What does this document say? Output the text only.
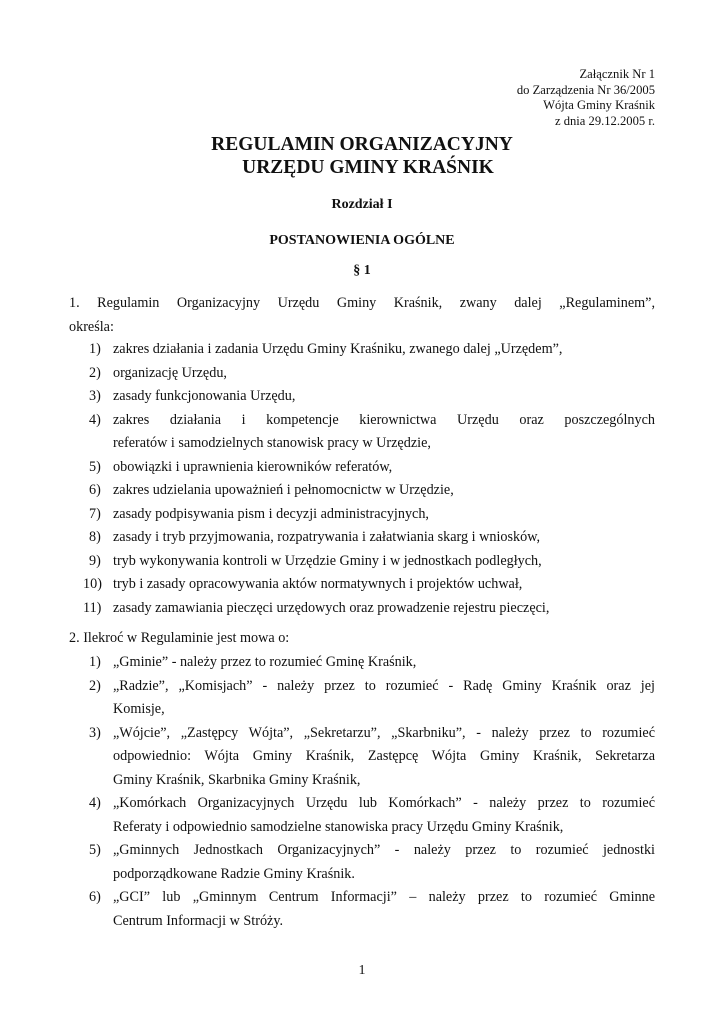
Załącznik Nr 1
do Zarządzenia Nr 36/2005
Wójta Gminy Kraśnik
z dnia 29.12.2005 r.
REGULAMIN ORGANIZACYJNY
URZĘDU GMINY KRAŚNIK
Rozdział I
POSTANOWIENIA OGÓLNE
§ 1
1. Regulamin Organizacyjny Urzędu Gminy Kraśnik, zwany dalej „Regulaminem”,
określa:
1) zakres działania i zadania Urzędu Gminy Kraśniku, zwanego dalej „Urzędem”,
2) organizację Urzędu,
3) zasady funkcjonowania Urzędu,
4) zakres działania i kompetencje kierownictwa Urzędu oraz poszczególnych
referatów i samodzielnych stanowisk pracy w Urzędzie,
5) obowiązki i uprawnienia kierowników referatów,
6) zakres udzielania upoważnień i pełnomocnictw w Urzędzie,
7) zasady podpisywania pism i decyzji administracyjnych,
8) zasady i tryb przyjmowania, rozpatrywania i załatwiania skarg i wniosków,
9) tryb wykonywania kontroli w Urzędzie Gminy i w jednostkach podległych,
10) tryb i zasady opracowywania aktów normatywnych i projektów uchwał,
11) zasady zamawiania pieczęci urzędowych oraz prowadzenie rejestru pieczęci,
2. Ilekroć w Regulaminie jest mowa o:
1) „Gminie” - należy przez to rozumieć Gminę Kraśnik,
2) „Radzie”, „Komisjach” - należy przez to rozumieć - Radę Gminy Kraśnik oraz jej
Komisje,
3) „Wójcie”, „Zastępcy Wójta”, „Sekretarzu”, „Skarbniku”, - należy przez to rozumieć
odpowiednio: Wójta Gminy Kraśnik, Zastępcę Wójta Gminy Kraśnik, Sekretarza
Gminy Kraśnik, Skarbnika Gminy Kraśnik,
4) „Komórkach Organizacyjnych Urzędu lub Komórkach” - należy przez to rozumieć
Referaty i odpowiednio samodzielne stanowiska pracy Urzędu Gminy Kraśnik,
5) „Gminnych Jednostkach Organizacyjnych” - należy przez to rozumieć jednostki
podporządkowane Radzie Gminy Kraśnik.
6) „GCI” lub „Gminnym Centrum Informacji” – należy przez to rozumieć Gminne
Centrum Informacji w Stróży.
1
